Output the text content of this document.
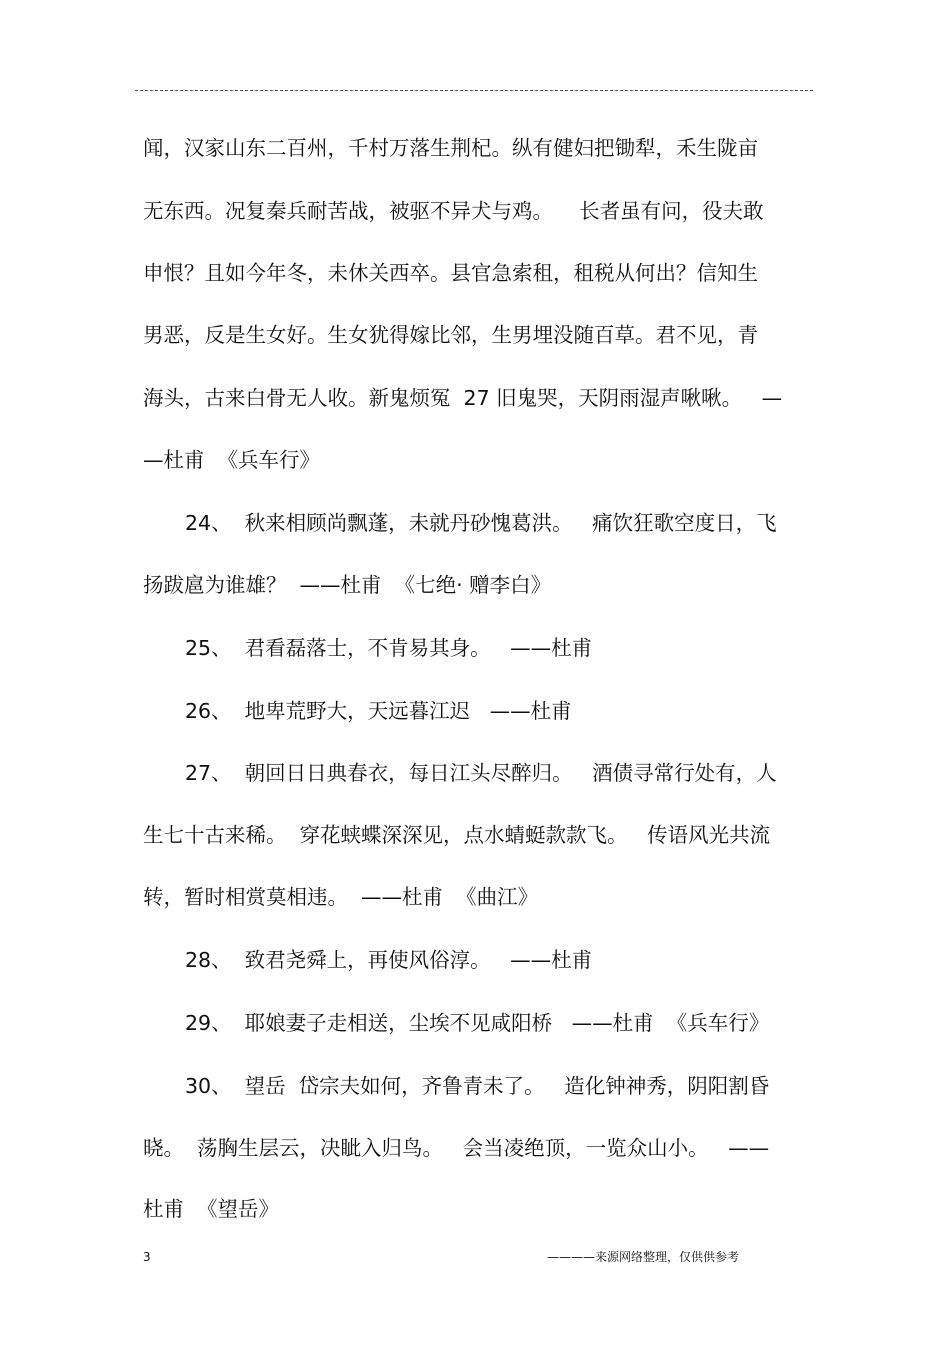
闻，汉家山东二百州，千村万落生荆杞。纵有健妇把锄犁，禾生陇亩
无东西。况复秦兵耐苦战，被驱不异犬与鸡。    长者虽有问，役夫敢
申恨？且如今年冬，未休关西卒。县官急索租，租税从何出？信知生
男恶，反是生女好。生女犹得嫁比邻，生男埋没随百草。君不见，青
海头，古来白骨无人收。新鬼烦冤  27 旧鬼哭，天阴雨湿声啾啾。   —
—杜甫  《兵车行》
24、  秋来相顾尚飘蓬，未就丹砂愧葛洪。   痛饮狂歌空度日，飞
扬跋扈为谁雄？  ——杜甫  《七绝· 赠李白》
25、  君看磊落士，不肯易其身。   ——杜甫
26、  地卑荒野大，天远暮江迟   ——杜甫
27、  朝回日日典春衣，每日江头尽醉归。   酒债寻常行处有，人
生七十古来稀。  穿花蛱蝶深深见，点水蜻蜓款款飞。   传语风光共流
转，暂时相赏莫相违。  ——杜甫  《曲江》
28、  致君尧舜上，再使风俗淳。   ——杜甫
29、  耶娘妻子走相送，尘埃不见咸阳桥   ——杜甫  《兵车行》
30、  望岳  岱宗夫如何，齐鲁青未了。   造化钟神秀，阴阳割昏
晓。  荡胸生层云，决眦入归鸟。   会当凌绝顶，一览众山小。   ——
杜甫  《望岳》
3	————来源网络整理，仅供供参考
